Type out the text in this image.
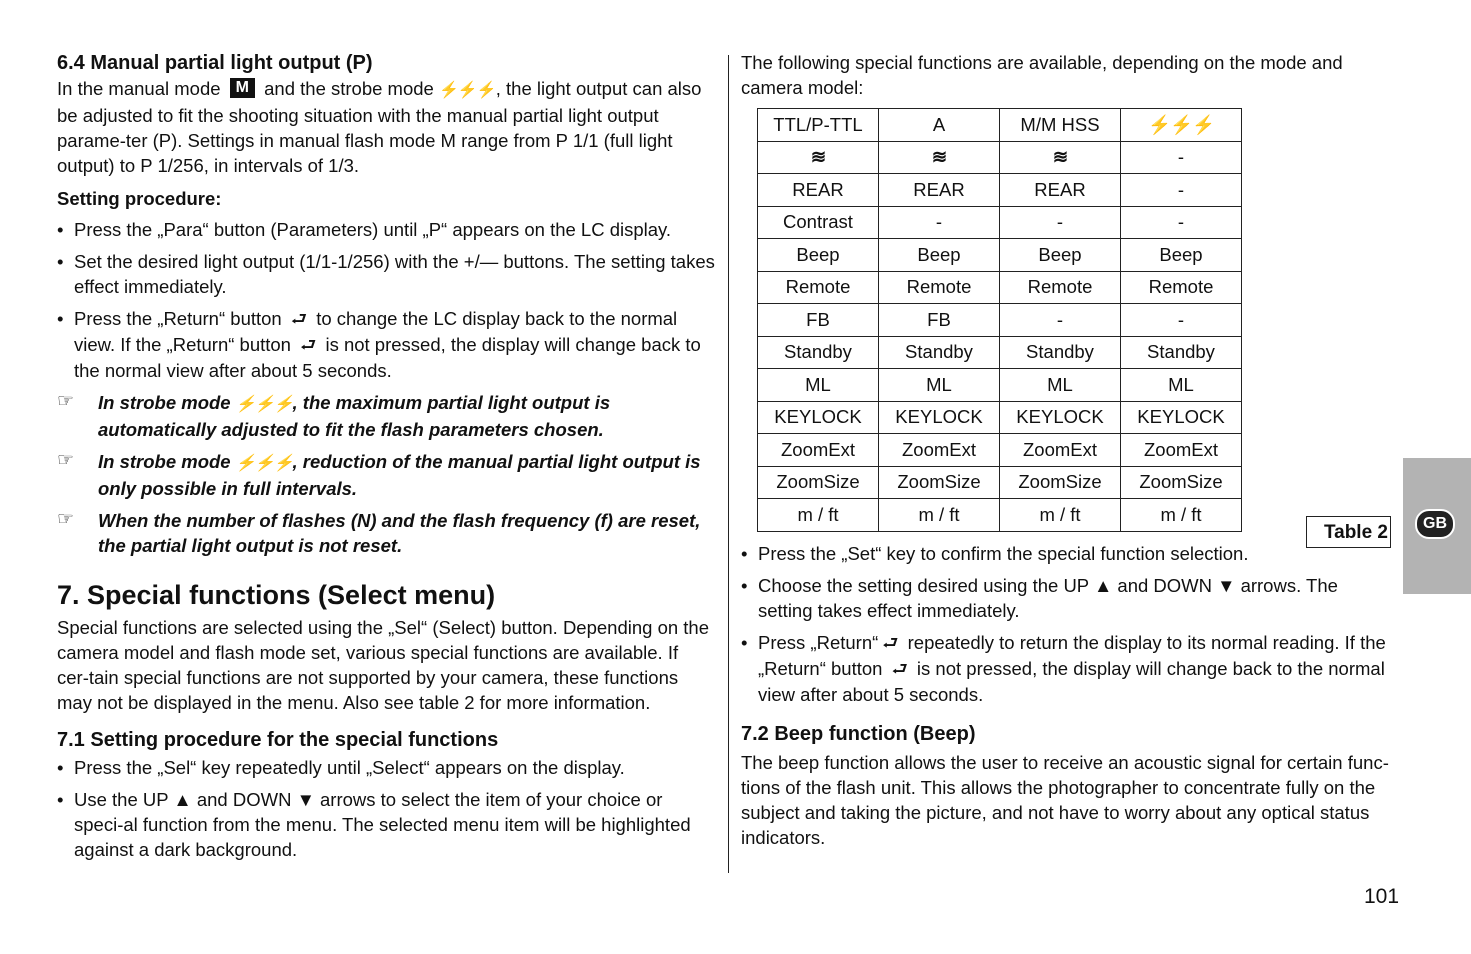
6.4 Manual partial light output (P)

In the manual mode M and the strobe mode ⚡⚡⚡, the light output can also be adjusted to fit the shooting situation with the manual partial light output parame-ter (P). Settings in manual flash mode M range from P 1/1 (full light output) to P 1/256, in intervals of 1/3.

Setting procedure:

• Press the „Para“ button (Parameters) until „P“ appears on the LC display.
• Set the desired light output (1/1-1/256) with the +/— buttons. The setting takes effect immediately.
• Press the „Return“ button ⮐ to change the LC display back to the normal view. If the „Return“ button ⮐ is not pressed, the display will change back to the normal view after about 5 seconds.
☞ In strobe mode ⚡⚡⚡, the maximum partial light output is automatically adjusted to fit the flash parameters chosen.
☞ In strobe mode ⚡⚡⚡, reduction of the manual partial light output is only possible in full intervals.
☞ When the number of flashes (N) and the flash frequency (f) are reset, the partial light output is not reset.
7. Special functions (Select menu)

Special functions are selected using the „Sel“ (Select) button. Depending on the camera model and flash mode set, various special functions are available. If cer-tain special functions are not supported by your camera, these functions may not be displayed in the menu. Also see table 2 for more information.

7.1 Setting procedure for the special functions
• Press the „Sel“ key repeatedly until „Select“ appears on the display.
• Use the UP ▲ and DOWN ▼ arrows to select the item of your choice or speci-al function from the menu. The selected menu item will be highlighted against a dark background.

The following special functions are available, depending on the mode and camera model:

TTL/P-TTL	A	M/M HSS	⚡⚡⚡
≋	≋	≋	-
REAR	REAR	REAR	-
Contrast	-	-	-
Beep	Beep	Beep	Beep
Remote	Remote	Remote	Remote
FB	FB	-	-
Standby	Standby	Standby	Standby
ML	ML	ML	ML
KEYLOCK	KEYLOCK	KEYLOCK	KEYLOCK
ZoomExt	ZoomExt	ZoomExt	ZoomExt
ZoomSize	ZoomSize	ZoomSize	ZoomSize
m / ft	m / ft	m / ft	m / ft
• Press the „Set“ key to confirm the special function selection.
• Choose the setting desired using the UP ▲ and DOWN ▼ arrows. The setting takes effect immediately.
• Press „Return“ ⮐ repeatedly to return the display to its normal reading. If the „Return“ button ⮐ is not pressed, the display will change back to the normal view after about 5 seconds.
7.2 Beep function (Beep)

The beep function allows the user to receive an acoustic signal for certain func-tions of the flash unit. This allows the photographer to concentrate fully on the subject and taking the picture, and not have to worry about any optical status indicators.

Table 2	GB
101
